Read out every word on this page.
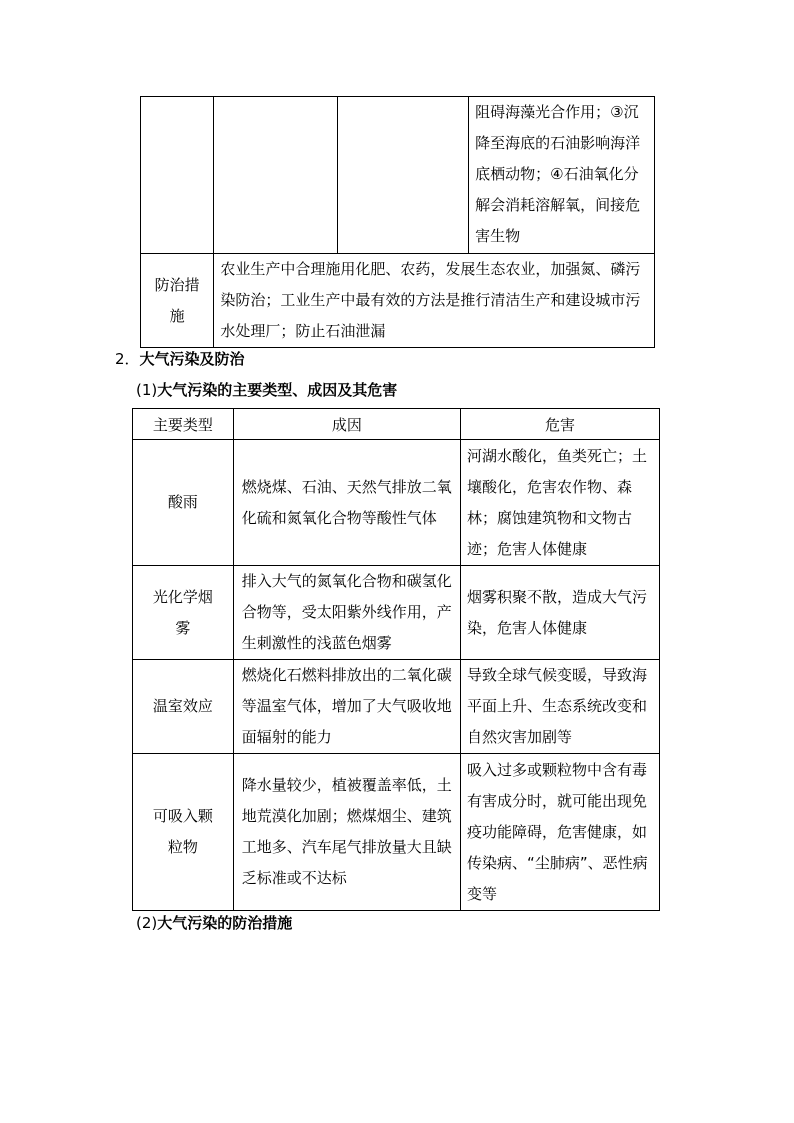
			阻碍海藻光合作用；③沉降至海底的石油影响海洋底栖动物；④石油氧化分解会消耗溶解氧，间接危害生物
防治措施	农业生产中合理施用化肥、农药，发展生态农业，加强氮、磷污染防治；工业生产中最有效的方法是推行清洁生产和建设城市污水处理厂；防止石油泄漏		
2．大气污染及防治
(1)大气污染的主要类型、成因及其危害
主要类型	成因	危害
酸雨	燃烧煤、石油、天然气排放二氧化硫和氮氧化合物等酸性气体	河湖水酸化，鱼类死亡；土壤酸化，危害农作物、森林；腐蚀建筑物和文物古迹；危害人体健康
光化学烟雾	排入大气的氮氧化合物和碳氢化合物等，受太阳紫外线作用，产生刺激性的浅蓝色烟雾	烟雾积聚不散，造成大气污染，危害人体健康
温室效应	燃烧化石燃料排放出的二氧化碳等温室气体，增加了大气吸收地面辐射的能力	导致全球气候变暖，导致海平面上升、生态系统改变和自然灾害加剧等
可吸入颗粒物	降水量较少，植被覆盖率低，土地荒漠化加剧；燃煤烟尘、建筑工地多、汽车尾气排放量大且缺乏标准或不达标	吸入过多或颗粒物中含有毒有害成分时，就可能出现免疫功能障碍，危害健康，如传染病、“尘肺病”、恶性病变等
(2)大气污染的防治措施
